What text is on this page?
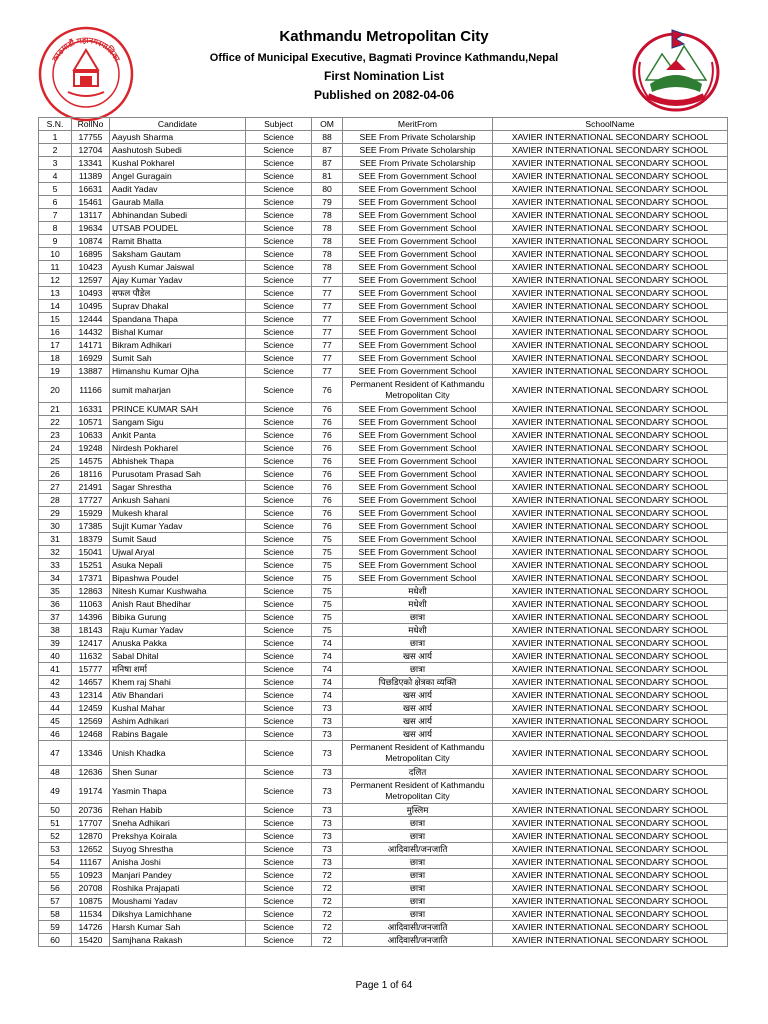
काठमाडौं महानगरपालिका
Kathmandu Metropolitan City
Office of Municipal Executive, Bagmati Province Kathmandu,Nepal
First Nomination List
Published on 2082-04-06
S.N.	RollNo	Candidate	Subject	OM	MeritFrom	SchoolName
1	17755	Aayush Sharma	Science	88	SEE From Private Scholarship	XAVIER INTERNATIONAL SECONDARY SCHOOL
2	12704	Aashutosh Subedi	Science	87	SEE From Private Scholarship	XAVIER INTERNATIONAL SECONDARY SCHOOL
3	13341	Kushal Pokharel	Science	87	SEE From Private Scholarship	XAVIER INTERNATIONAL SECONDARY SCHOOL
4	11389	Angel Guragain	Science	81	SEE From Government School	XAVIER INTERNATIONAL SECONDARY SCHOOL
5	16631	Aadit Yadav	Science	80	SEE From Government School	XAVIER INTERNATIONAL SECONDARY SCHOOL
6	15461	Gaurab Malla	Science	79	SEE From Government School	XAVIER INTERNATIONAL SECONDARY SCHOOL
7	13117	Abhinandan Subedi	Science	78	SEE From Government School	XAVIER INTERNATIONAL SECONDARY SCHOOL
8	19634	UTSAB POUDEL	Science	78	SEE From Government School	XAVIER INTERNATIONAL SECONDARY SCHOOL
9	10874	Ramit Bhatta	Science	78	SEE From Government School	XAVIER INTERNATIONAL SECONDARY SCHOOL
10	16895	Saksham Gautam	Science	78	SEE From Government School	XAVIER INTERNATIONAL SECONDARY SCHOOL
11	10423	Ayush Kumar Jaiswal	Science	78	SEE From Government School	XAVIER INTERNATIONAL SECONDARY SCHOOL
12	12597	Ajay Kumar Yadav	Science	77	SEE From Government School	XAVIER INTERNATIONAL SECONDARY SCHOOL
13	10493	सफल पौडेल	Science	77	SEE From Government School	XAVIER INTERNATIONAL SECONDARY SCHOOL
14	10495	Suprav Dhakal	Science	77	SEE From Government School	XAVIER INTERNATIONAL SECONDARY SCHOOL
15	12444	Spandana Thapa	Science	77	SEE From Government School	XAVIER INTERNATIONAL SECONDARY SCHOOL
16	14432	Bishal Kumar	Science	77	SEE From Government School	XAVIER INTERNATIONAL SECONDARY SCHOOL
17	14171	Bikram Adhikari	Science	77	SEE From Government School	XAVIER INTERNATIONAL SECONDARY SCHOOL
18	16929	Sumit Sah	Science	77	SEE From Government School	XAVIER INTERNATIONAL SECONDARY SCHOOL
19	13887	Himanshu Kumar Ojha	Science	77	SEE From Government School	XAVIER INTERNATIONAL SECONDARY SCHOOL
20	11166	sumit maharjan	Science	76	Permanent Resident of Kathmandu Metropolitan City	XAVIER INTERNATIONAL SECONDARY SCHOOL
21	16331	PRINCE KUMAR SAH	Science	76	SEE From Government School	XAVIER INTERNATIONAL SECONDARY SCHOOL
22	10571	Sangam Sigu	Science	76	SEE From Government School	XAVIER INTERNATIONAL SECONDARY SCHOOL
23	10633	Ankit Panta	Science	76	SEE From Government School	XAVIER INTERNATIONAL SECONDARY SCHOOL
24	19248	Nirdesh Pokharel	Science	76	SEE From Government School	XAVIER INTERNATIONAL SECONDARY SCHOOL
25	14575	Abhishek Thapa	Science	76	SEE From Government School	XAVIER INTERNATIONAL SECONDARY SCHOOL
26	18116	Purusotam Prasad Sah	Science	76	SEE From Government School	XAVIER INTERNATIONAL SECONDARY SCHOOL
27	21491	Sagar Shrestha	Science	76	SEE From Government School	XAVIER INTERNATIONAL SECONDARY SCHOOL
28	17727	Ankush Sahani	Science	76	SEE From Government School	XAVIER INTERNATIONAL SECONDARY SCHOOL
29	15929	Mukesh kharal	Science	76	SEE From Government School	XAVIER INTERNATIONAL SECONDARY SCHOOL
30	17385	Sujit Kumar Yadav	Science	76	SEE From Government School	XAVIER INTERNATIONAL SECONDARY SCHOOL
31	18379	Sumit Saud	Science	75	SEE From Government School	XAVIER INTERNATIONAL SECONDARY SCHOOL
32	15041	Ujwal Aryal	Science	75	SEE From Government School	XAVIER INTERNATIONAL SECONDARY SCHOOL
33	15251	Asuka Nepali	Science	75	SEE From Government School	XAVIER INTERNATIONAL SECONDARY SCHOOL
34	17371	Bipashwa Poudel	Science	75	SEE From Government School	XAVIER INTERNATIONAL SECONDARY SCHOOL
35	12863	Nitesh Kumar Kushwaha	Science	75	मधेशी	XAVIER INTERNATIONAL SECONDARY SCHOOL
36	11063	Anish Raut Bhedihar	Science	75	मधेशी	XAVIER INTERNATIONAL SECONDARY SCHOOL
37	14396	Bibika Gurung	Science	75	छात्रा	XAVIER INTERNATIONAL SECONDARY SCHOOL
38	18143	Raju Kumar Yadav	Science	75	मधेशी	XAVIER INTERNATIONAL SECONDARY SCHOOL
39	12417	Anuska Pakka	Science	74	छात्रा	XAVIER INTERNATIONAL SECONDARY SCHOOL
40	11632	Sabal Dhital	Science	74	खस आर्य	XAVIER INTERNATIONAL SECONDARY SCHOOL
41	15777	मनिषा शर्मा	Science	74	छात्रा	XAVIER INTERNATIONAL SECONDARY SCHOOL
42	14657	Khem raj Shahi	Science	74	पिछडिएको क्षेत्रका व्यक्ति	XAVIER INTERNATIONAL SECONDARY SCHOOL
43	12314	Ativ Bhandari	Science	74	खस आर्य	XAVIER INTERNATIONAL SECONDARY SCHOOL
44	12459	Kushal Mahar	Science	73	खस आर्य	XAVIER INTERNATIONAL SECONDARY SCHOOL
45	12569	Ashim Adhikari	Science	73	खस आर्य	XAVIER INTERNATIONAL SECONDARY SCHOOL
46	12468	Rabins Bagale	Science	73	खस आर्य	XAVIER INTERNATIONAL SECONDARY SCHOOL
47	13346	Unish Khadka	Science	73	Permanent Resident of Kathmandu Metropolitan City	XAVIER INTERNATIONAL SECONDARY SCHOOL
48	12636	Shen Sunar	Science	73	दलित	XAVIER INTERNATIONAL SECONDARY SCHOOL
49	19174	Yasmin Thapa	Science	73	Permanent Resident of Kathmandu Metropolitan City	XAVIER INTERNATIONAL SECONDARY SCHOOL
50	20736	Rehan Habib	Science	73	मुस्लिम	XAVIER INTERNATIONAL SECONDARY SCHOOL
51	17707	Sneha Adhikari	Science	73	छात्रा	XAVIER INTERNATIONAL SECONDARY SCHOOL
52	12870	Prekshya Koirala	Science	73	छात्रा	XAVIER INTERNATIONAL SECONDARY SCHOOL
53	12652	Suyog Shrestha	Science	73	आदिवासी/जनजाति	XAVIER INTERNATIONAL SECONDARY SCHOOL
54	11167	Anisha Joshi	Science	73	छात्रा	XAVIER INTERNATIONAL SECONDARY SCHOOL
55	10923	Manjari Pandey	Science	72	छात्रा	XAVIER INTERNATIONAL SECONDARY SCHOOL
56	20708	Roshika Prajapati	Science	72	छात्रा	XAVIER INTERNATIONAL SECONDARY SCHOOL
57	10875	Moushami Yadav	Science	72	छात्रा	XAVIER INTERNATIONAL SECONDARY SCHOOL
58	11534	Dikshya Lamichhane	Science	72	छात्रा	XAVIER INTERNATIONAL SECONDARY SCHOOL
59	14726	Harsh Kumar Sah	Science	72	आदिवासी/जनजाति	XAVIER INTERNATIONAL SECONDARY SCHOOL
60	15420	Samjhana Rakash	Science	72	आदिवासी/जनजाति	XAVIER INTERNATIONAL SECONDARY SCHOOL
Page 1 of 64
